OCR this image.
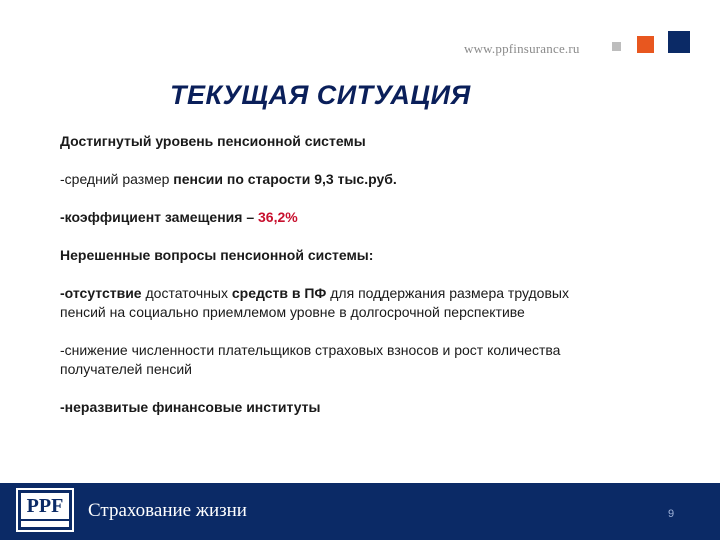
www.ppfinsurance.ru
ТЕКУЩАЯ СИТУАЦИЯ

Достигнутый уровень пенсионной системы

-средний размер пенсии по старости 9,3 тыс.руб.

-коэффициент замещения – 36,2%

Нерешенные вопросы пенсионной системы:

-отсутствие достаточных средств в ПФ для поддержания размера трудовых пенсий на социально приемлемом уровне в долгосрочной перспективе

-снижение численности плательщиков страховых взносов и рост количества получателей пенсий

-неразвитые финансовые институты

PPF Страхование жизни	9
